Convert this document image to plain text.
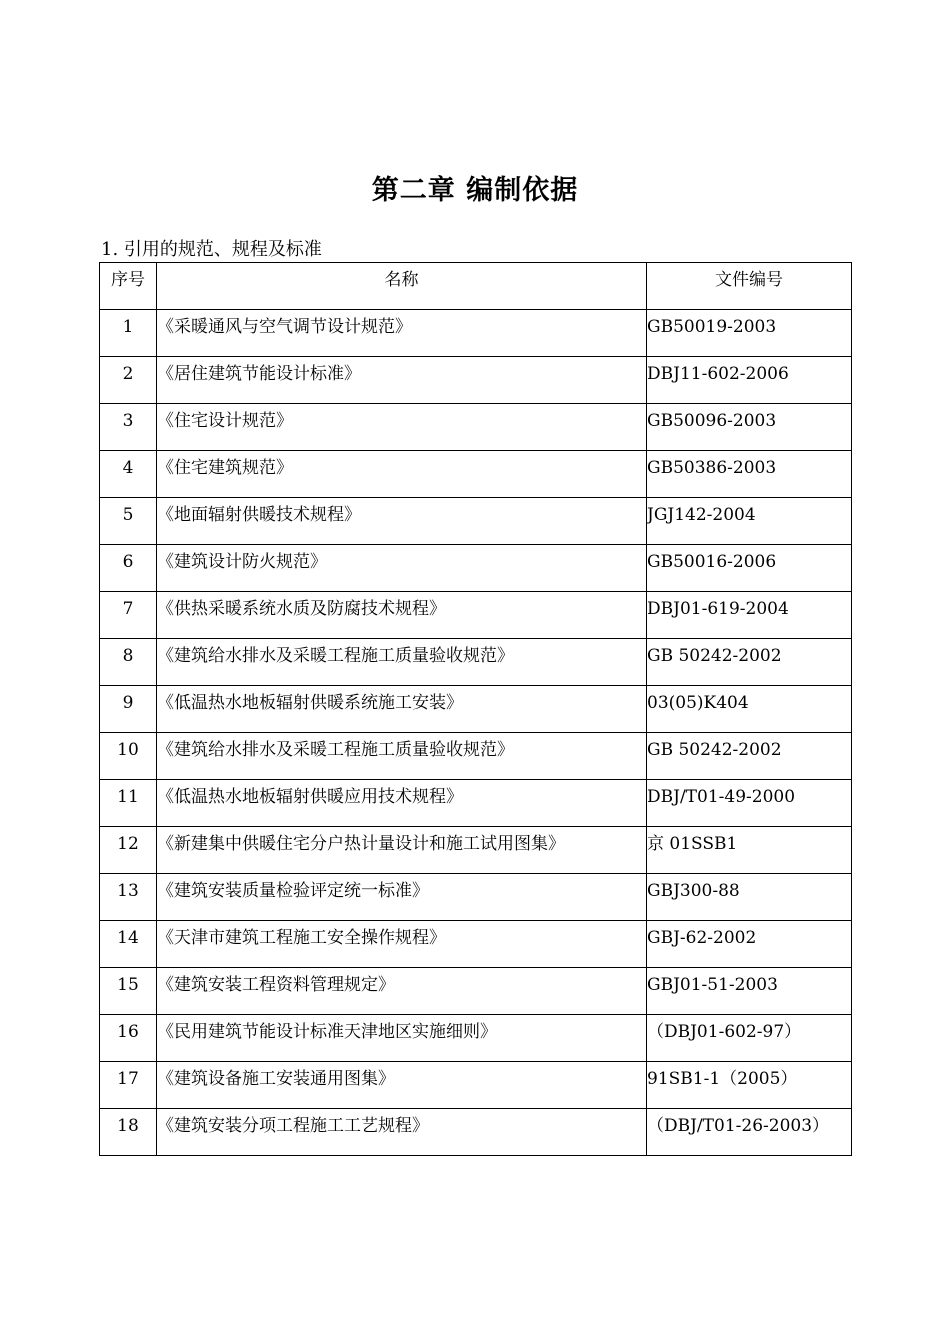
第二章 编制依据
1. 引用的规范、规程及标准
序号	名称	文件编号
1	《采暖通风与空气调节设计规范》	GB50019-2003
2	《居住建筑节能设计标准》	DBJ11-602-2006
3	《住宅设计规范》	GB50096-2003
4	《住宅建筑规范》	GB50386-2003
5	《地面辐射供暖技术规程》	JGJ142-2004
6	《建筑设计防火规范》	GB50016-2006
7	《供热采暖系统水质及防腐技术规程》	DBJ01-619-2004
8	《建筑给水排水及采暖工程施工质量验收规范》	GB 50242-2002
9	《低温热水地板辐射供暖系统施工安装》	03(05)K404
10	《建筑给水排水及采暖工程施工质量验收规范》	GB 50242-2002
11	《低温热水地板辐射供暖应用技术规程》	DBJ/T01-49-2000
12	《新建集中供暖住宅分户热计量设计和施工试用图集》	京 01SSB1
13	《建筑安装质量检验评定统一标准》	GBJ300-88
14	《天津市建筑工程施工安全操作规程》	GBJ-62-2002
15	《建筑安装工程资料管理规定》	GBJ01-51-2003
16	《民用建筑节能设计标准天津地区实施细则》	（DBJ01-602-97）
17	《建筑设备施工安装通用图集》	91SB1-1（2005）
18	《建筑安装分项工程施工工艺规程》	（DBJ/T01-26-2003）
